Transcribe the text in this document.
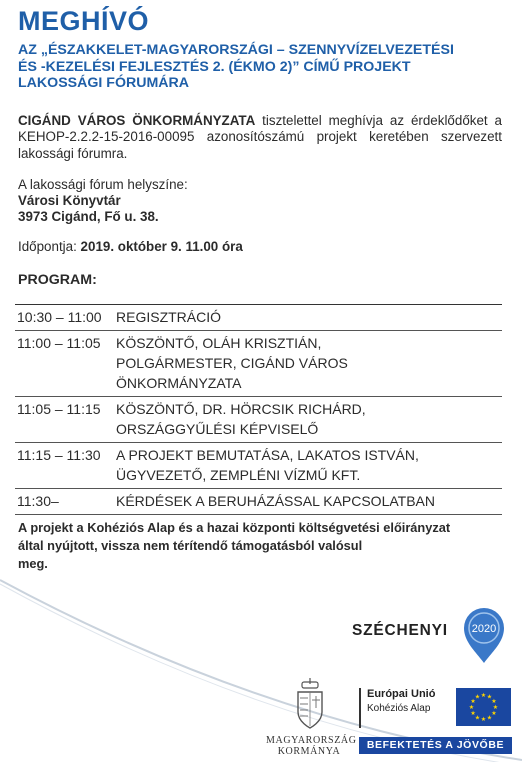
MEGHÍVÓ
AZ „ÉSZAKKELET-MAGYARORSZÁGI – SZENNYVÍZELVEZETÉSI
ÉS -KEZELÉSI FEJLESZTÉS 2. (ÉKMO 2)” CÍMŰ PROJEKT
LAKOSSÁGI FÓRUMÁRA
CIGÁND VÁROS ÖNKORMÁNYZATA tisztelettel meghívja az érdeklődőket a KEHOP-2.2.2-15-2016-00095 azonosítószámú projekt keretében szervezett lakossági fórumra.
A lakossági fórum helyszíne:
Városi Könyvtár
3973 Cigánd, Fő u. 38.
Időpontja: 2019. október 9. 11.00 óra
PROGRAM:
10:30 – 11:00	REGISZTRÁCIÓ

11:00 – 11:05	KÖSZÖNTŐ, OLÁH KRISZTIÁN,
POLGÁRMESTER, CIGÁND VÁROS
ÖNKORMÁNYZATA

11:05 – 11:15	KÖSZÖNTŐ, DR. HÖRCSIK RICHÁRD,
ORSZÁGGYŰLÉSI KÉPVISELŐ

11:15 – 11:30	A PROJEKT BEMUTATÁSA, LAKATOS ISTVÁN,
ÜGYVEZETŐ, ZEMPLÉNI VÍZMŰ KFT.

11:30–	KÉRDÉSEK A BERUHÁZÁSSAL KAPCSOLATBAN
A projekt a Kohéziós Alap és a hazai központi költségvetési előirányzat
által nyújtott, vissza nem térítendő támogatásból valósul
meg.
SZÉCHENYI 2020
MAGYARORSZÁG
KORMÁNYA
Európai Unió
Kohéziós Alap
★ ★
★
★
★
★
★
★
★
★
★
★
BEFEKTETÉS A JÖVŐBE
